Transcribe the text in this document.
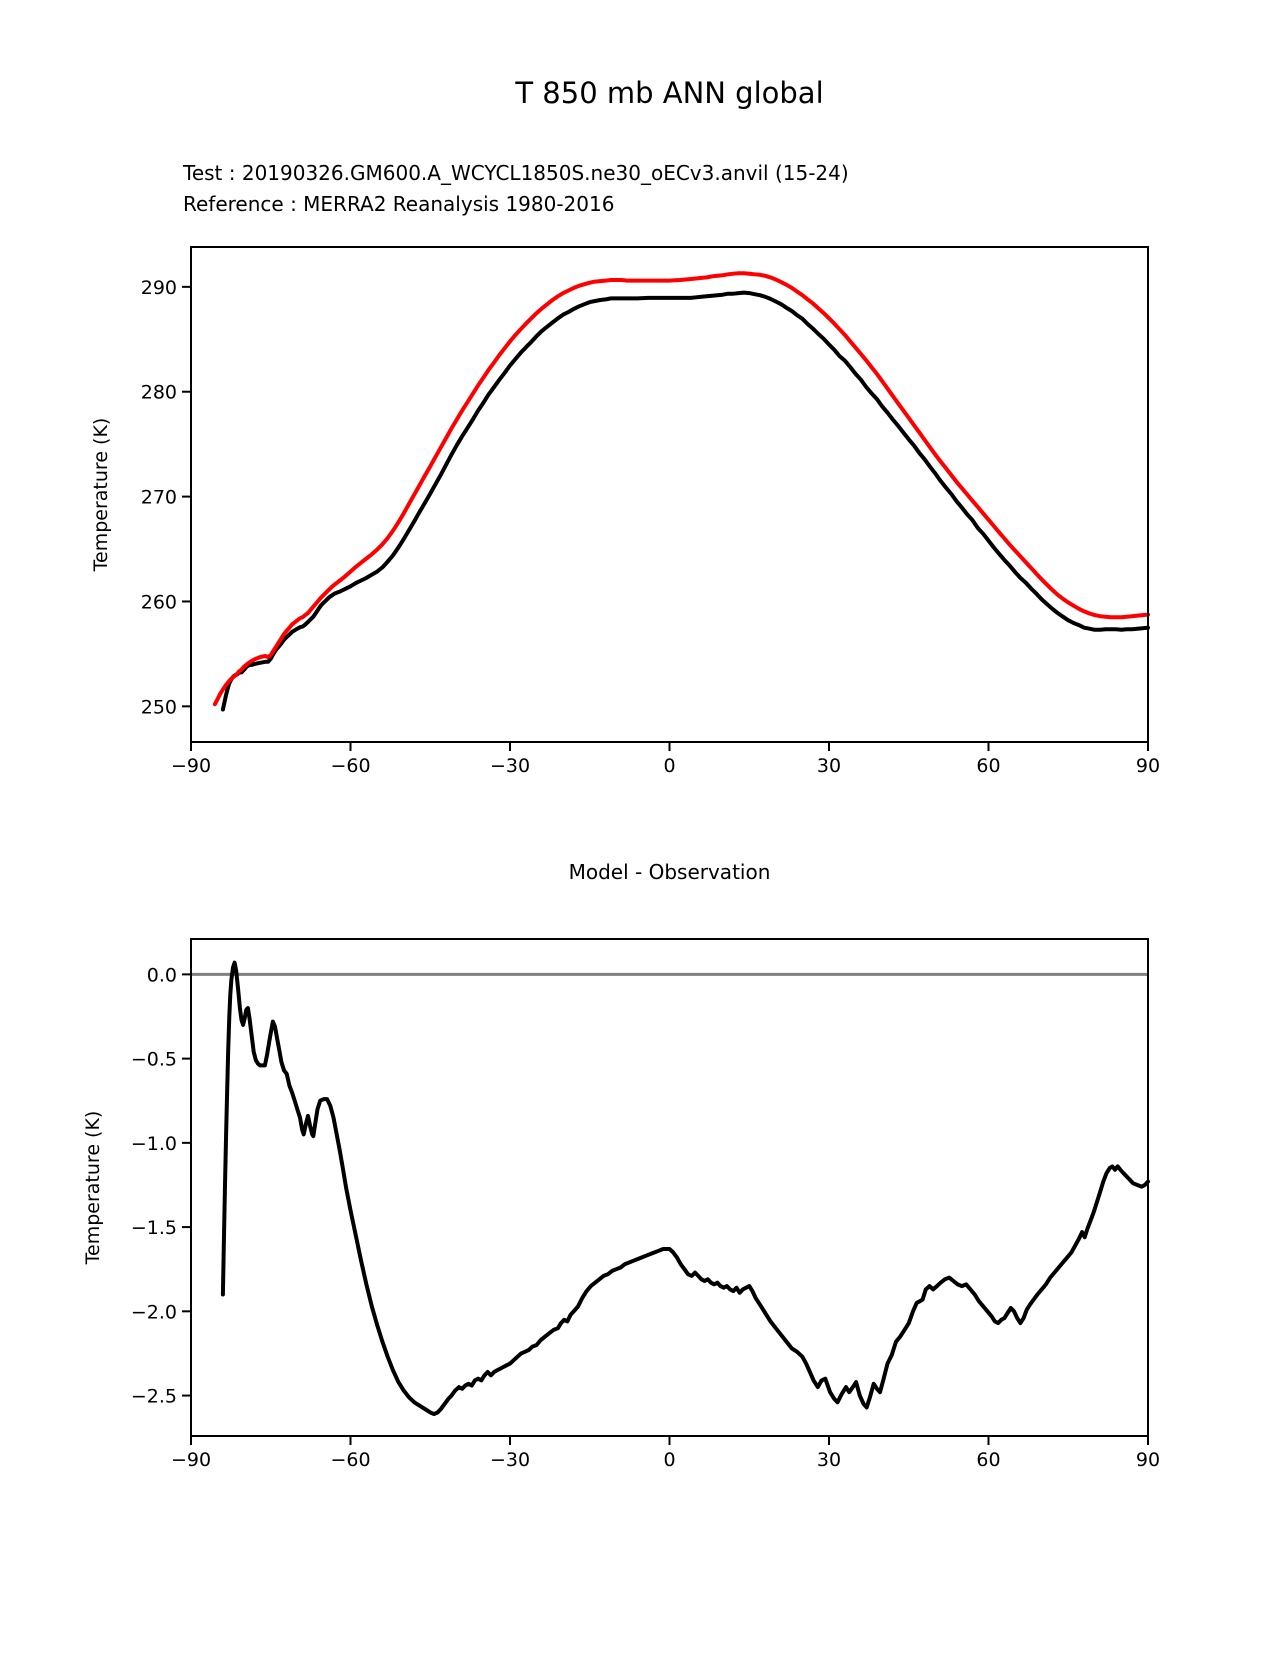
T 850 mb ANN global
Test : 20190326.GM600.A_WCYCL1850S.ne30_oECv3.anvil (15-24)
Reference : MERRA2 Reanalysis 1980-2016
−90	−60	−30	0	30	60	90
250
260
270
280
290
Temperature (K)
Model - Observation
−90	−60	−30	0	30	60	90
0.0
−0.5
−1.0
−1.5
−2.0
−2.5
Temperature (K)
